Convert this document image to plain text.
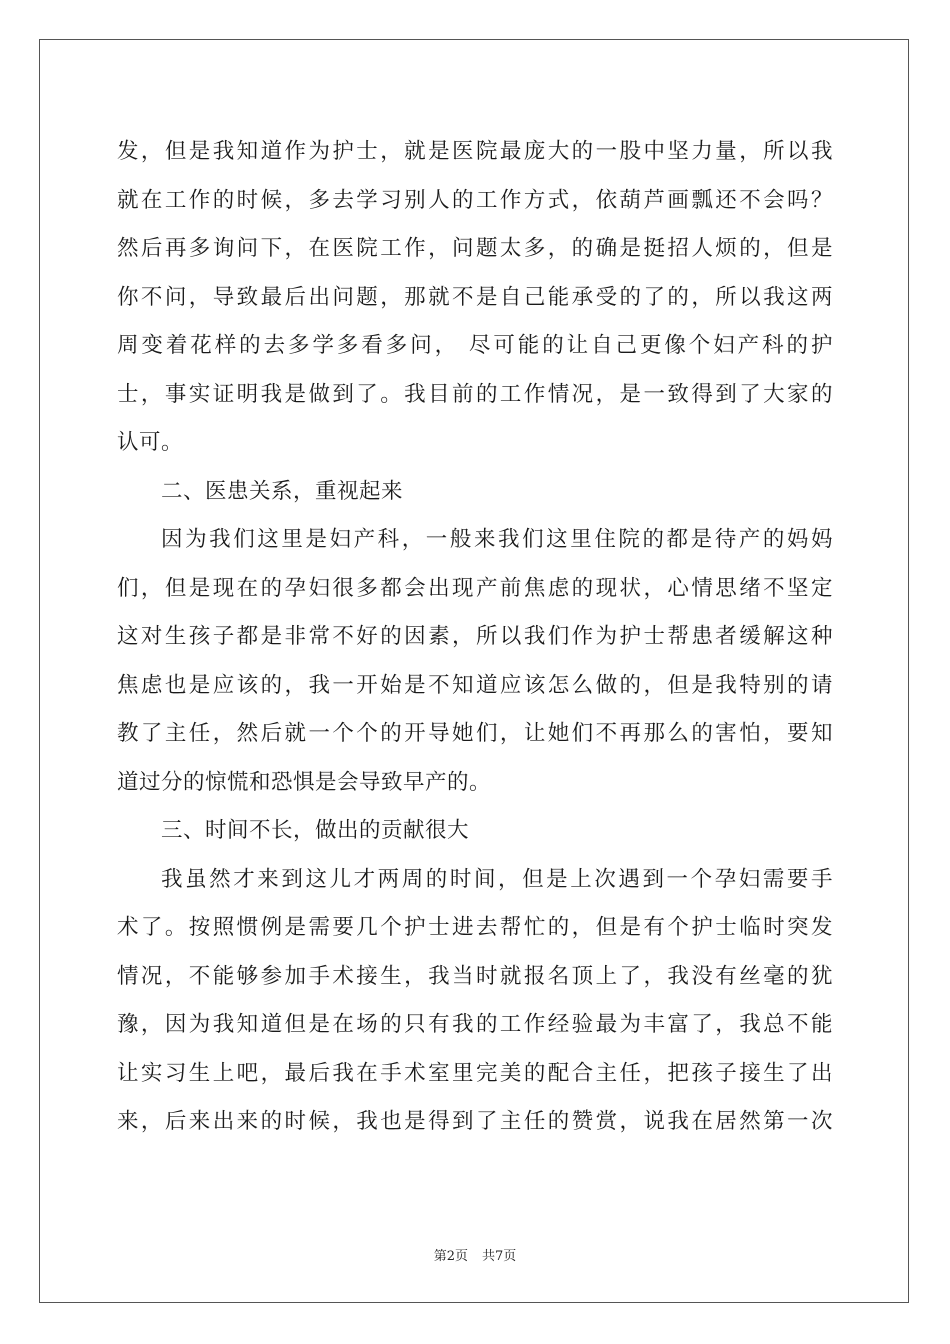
发，但是我知道作为护士，就是医院最庞大的一股中坚力量，所以我
就在工作的时候，多去学习别人的工作方式，依葫芦画瓢还不会吗？
然后再多询问下，在医院工作，问题太多，的确是挺招人烦的，但是
你不问，导致最后出问题，那就不是自己能承受的了的，所以我这两
周变着花样的去多学多看多问， 尽可能的让自己更像个妇产科的护
士，事实证明我是做到了。我目前的工作情况，是一致得到了大家的
认可。
二、医患关系，重视起来
因为我们这里是妇产科，一般来我们这里住院的都是待产的妈妈
们，但是现在的孕妇很多都会出现产前焦虑的现状，心情思绪不坚定
这对生孩子都是非常不好的因素，所以我们作为护士帮患者缓解这种
焦虑也是应该的，我一开始是不知道应该怎么做的，但是我特别的请
教了主任，然后就一个个的开导她们，让她们不再那么的害怕，要知
道过分的惊慌和恐惧是会导致早产的。
三、时间不长，做出的贡献很大
我虽然才来到这儿才两周的时间，但是上次遇到一个孕妇需要手
术了。按照惯例是需要几个护士进去帮忙的，但是有个护士临时突发
情况，不能够参加手术接生，我当时就报名顶上了，我没有丝毫的犹
豫，因为我知道但是在场的只有我的工作经验最为丰富了，我总不能
让实习生上吧，最后我在手术室里完美的配合主任，把孩子接生了出
来，后来出来的时候，我也是得到了主任的赞赏，说我在居然第一次
第2页 共7页
